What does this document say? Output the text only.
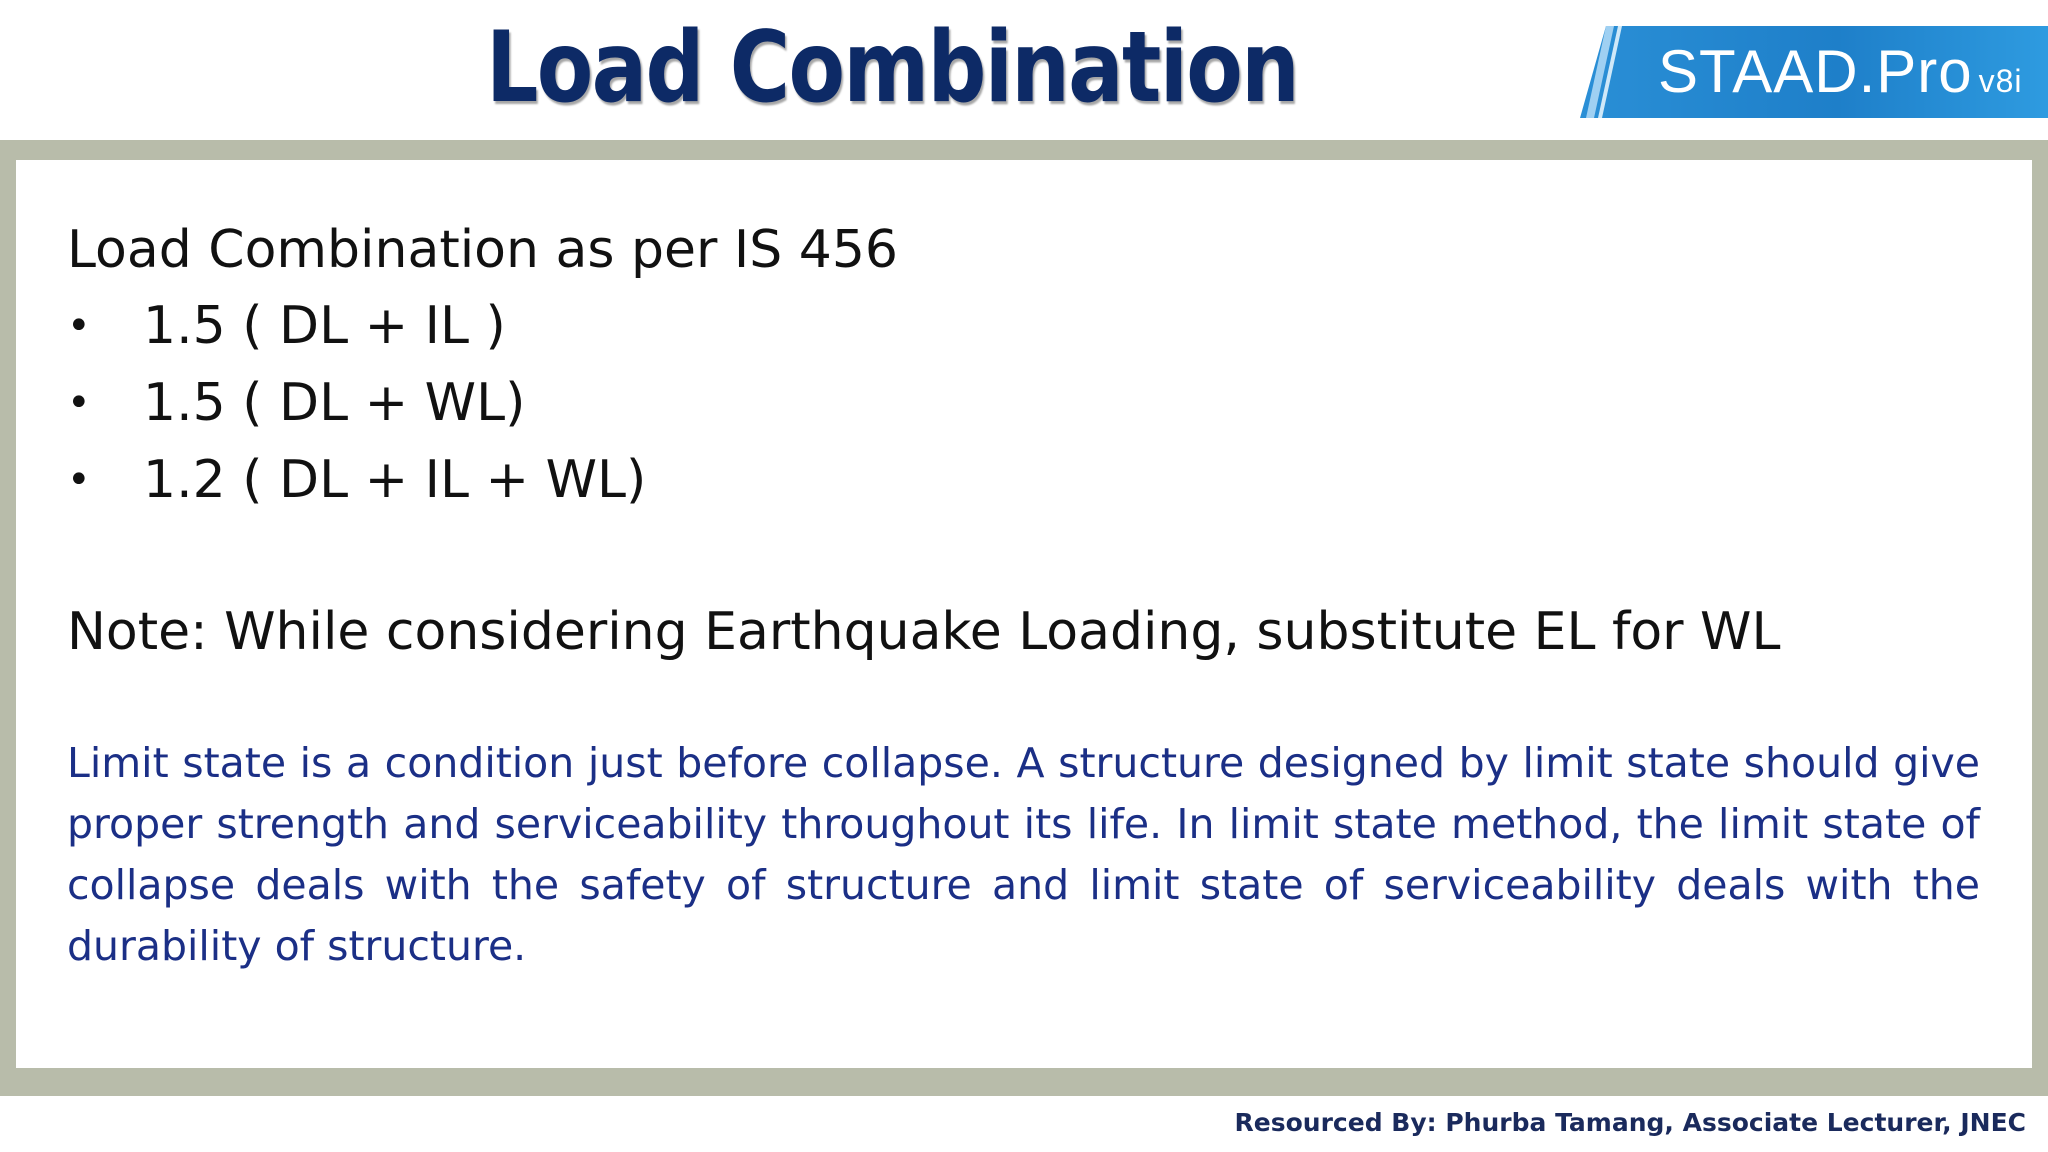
Load Combination	STAAD.Pro v8i

Load Combination as per IS 456

• 1.5 ( DL + IL )
• 1.5 ( DL + WL)
• 1.2 ( DL + IL + WL)

Note: While considering Earthquake Loading, substitute EL for WL

Limit state is a condition just before collapse. A structure designed by limit state should give proper strength and serviceability throughout its life. In limit state method, the limit state of collapse deals with the safety of structure and limit state of serviceability deals with the durability of structure.

Resourced By: Phurba Tamang, Associate Lecturer, JNEC
